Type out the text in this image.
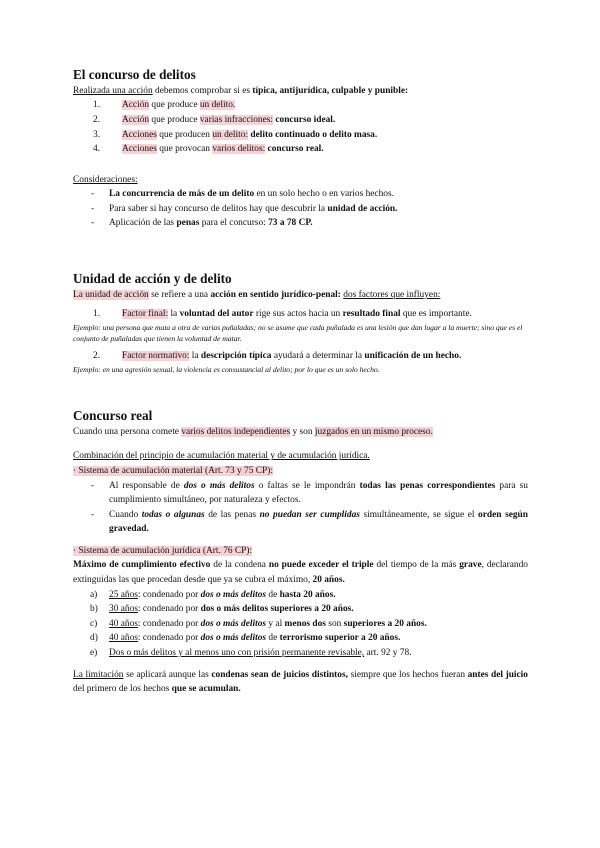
El concurso de delitos

Realizada una acción debemos comprobar si es típica, antijurídica, culpable y punible:

1. Acción que produce un delito.
2. Acción que produce varias infracciones: concurso ideal.
3. Acciones que producen un delito: delito continuado o delito masa.
4. Acciones que provocan varios delitos: concurso real.

Consideraciones:

- La concurrencia de más de un delito en un solo hecho o en varios hechos.
- Para saber si hay concurso de delitos hay que descubrir la unidad de acción.
- Aplicación de las penas para el concurso: 73 a 78 CP.
Unidad de acción y de delito

La unidad de acción se refiere a una acción en sentido jurídico-penal: dos factores que influyen:

1. Factor final: la voluntad del autor rige sus actos hacia un resultado final que es importante.

Ejemplo: una persona que mata a otra de varias puñaladas; no se asume que cada puñalada es una lesión que dan lugar a la muerte; sino que es el conjunto de puñaladas que tienen la voluntad de matar.

2. Factor normativo: la descripción típica ayudará a determinar la unificación de un hecho.

Ejemplo: en una agresión sexual, la violencia es consustancial al delito; por lo que es un solo hecho.

Concurso real

Cuando una persona comete varios delitos independientes y son juzgados en un mismo proceso.

Combinación del principio de acumulación material y de acumulación jurídica.

· Sistema de acumulación material (Art. 73 y 75 CP):

- Al responsable de dos o más delitos o faltas se le impondrán todas las penas correspondientes para su cumplimiento simultáneo, por naturaleza y efectos.
- Cuando todas o algunas de las penas no puedan ser cumplidas simultáneamente, se sigue el orden según gravedad.

· Sistema de acumulación jurídica (Art. 76 CP):

Máximo de cumplimiento efectivo de la condena no puede exceder el triple del tiempo de la más grave, declarando extinguidas las que procedan desde que ya se cubra el máximo, 20 años.

a) 25 años: condenado por dos o más delitos de hasta 20 años.
b) 30 años: condenado por dos o más delitos superiores a 20 años.
c) 40 años: condenado por dos o más delitos y al menos dos son superiores a 20 años.
d) 40 años: condenado por dos o más delitos de terrorismo superior a 20 años.
e) Dos o más delitos y al menos uno con prisión permanente revisable, art. 92 y 78.

La limitación se aplicará aunque las condenas sean de juicios distintos, siempre que los hechos fueran antes del juicio del primero de los hechos que se acumulan.
